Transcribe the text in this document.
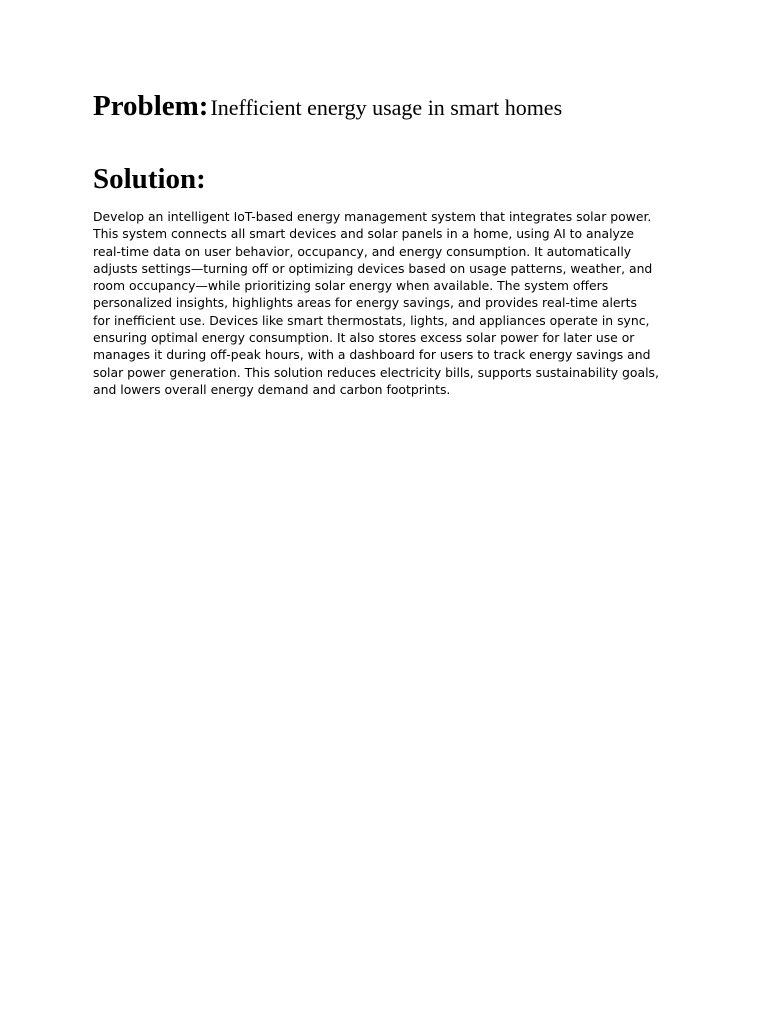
Problem:Inefficient energy usage in smart homes
Solution:

Develop an intelligent IoT-based energy management system that integrates solar power.
This system connects all smart devices and solar panels in a home, using AI to analyze
real-time data on user behavior, occupancy, and energy consumption. It automatically
adjusts settings—turning off or optimizing devices based on usage patterns, weather, and
room occupancy—while prioritizing solar energy when available. The system offers
personalized insights, highlights areas for energy savings, and provides real-time alerts
for inefficient use. Devices like smart thermostats, lights, and appliances operate in sync,
ensuring optimal energy consumption. It also stores excess solar power for later use or
manages it during off-peak hours, with a dashboard for users to track energy savings and
solar power generation. This solution reduces electricity bills, supports sustainability goals,
and lowers overall energy demand and carbon footprints.
